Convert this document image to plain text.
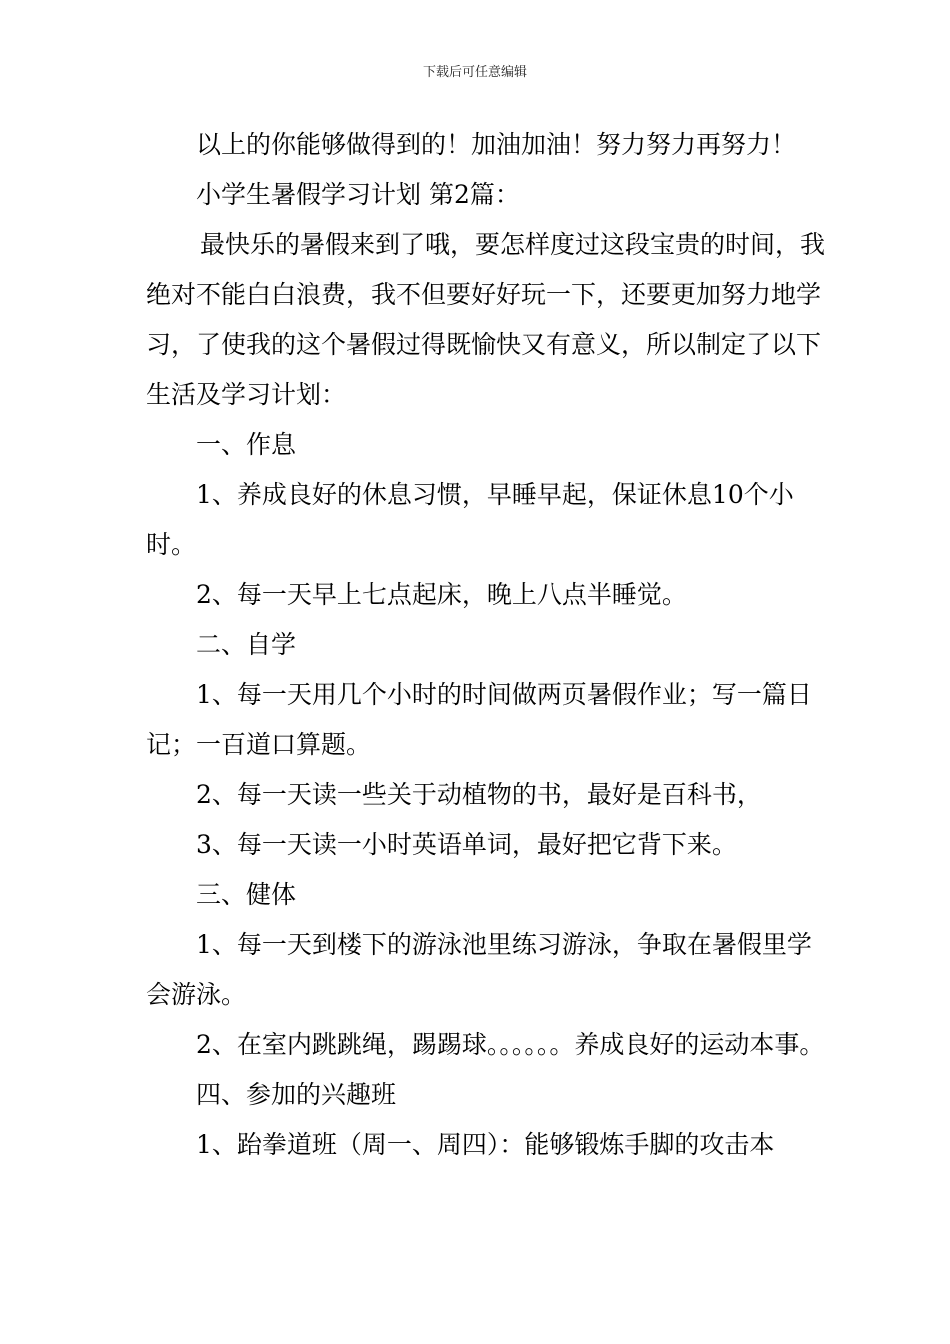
下载后可任意编辑

以上的你能够做得到的！加油加油！努力努力再努力！

小学生暑假学习计划 第2篇：

最快乐的暑假来到了哦，要怎样度过这段宝贵的时间，我绝对不能白白浪费，我不但要好好玩一下，还要更加努力地学习，了使我的这个暑假过得既愉快又有意义，所以制定了以下生活及学习计划：

一、作息

1、养成良好的休息习惯，早睡早起，保证休息10个小时。

2、每一天早上七点起床，晚上八点半睡觉。

二、自学

1、每一天用几个小时的时间做两页暑假作业；写一篇日记；一百道口算题。

2、每一天读一些关于动植物的书，最好是百科书，

3、每一天读一小时英语单词，最好把它背下来。

三、健体

1、每一天到楼下的游泳池里练习游泳，争取在暑假里学会游泳。

2、在室内跳跳绳，踢踢球。。。。。。养成良好的运动本事。

四、参加的兴趣班

1、跆拳道班（周一、周四）：能够锻炼手脚的攻击本
